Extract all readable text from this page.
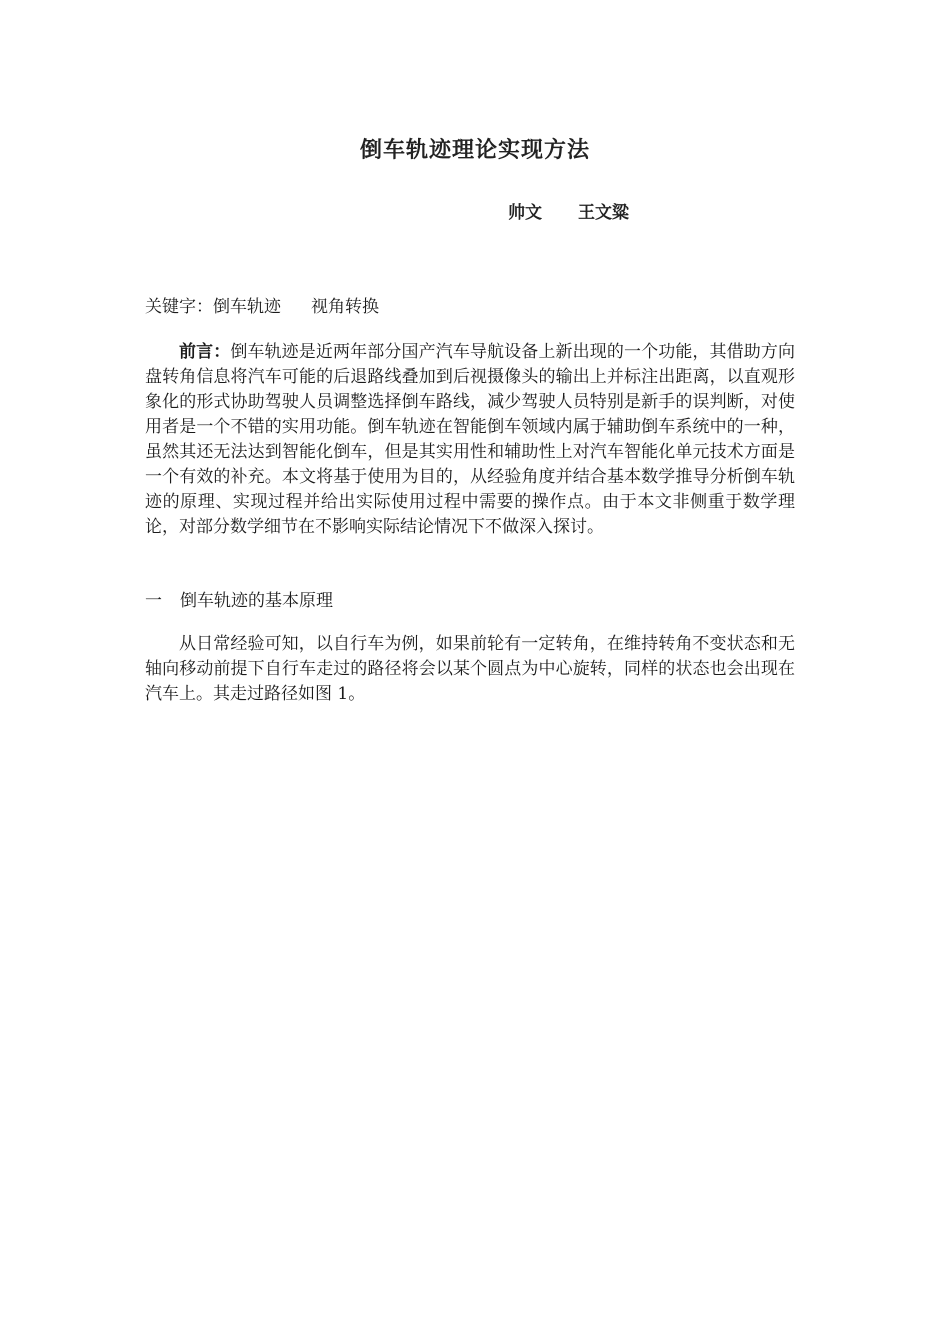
倒车轨迹理论实现方法
帅文 王文粱
关键字：倒车轨迹 视角转换
前言：倒车轨迹是近两年部分国产汽车导航设备上新出现的一个功能，其借助方向盘转角信息将汽车可能的后退路线叠加到后视摄像头的输出上并标注出距离，以直观形象化的形式协助驾驶人员调整选择倒车路线，减少驾驶人员特别是新手的误判断，对使用者是一个不错的实用功能。倒车轨迹在智能倒车领域内属于辅助倒车系统中的一种，虽然其还无法达到智能化倒车，但是其实用性和辅助性上对汽车智能化单元技术方面是一个有效的补充。本文将基于使用为目的，从经验角度并结合基本数学推导分析倒车轨迹的原理、实现过程并给出实际使用过程中需要的操作点。由于本文非侧重于数学理论，对部分数学细节在不影响实际结论情况下不做深入探讨。
一 倒车轨迹的基本原理
从日常经验可知，以自行车为例，如果前轮有一定转角，在维持转角不变状态和无轴向移动前提下自行车走过的路径将会以某个圆点为中心旋转，同样的状态也会出现在汽车上。其走过路径如图 1。
